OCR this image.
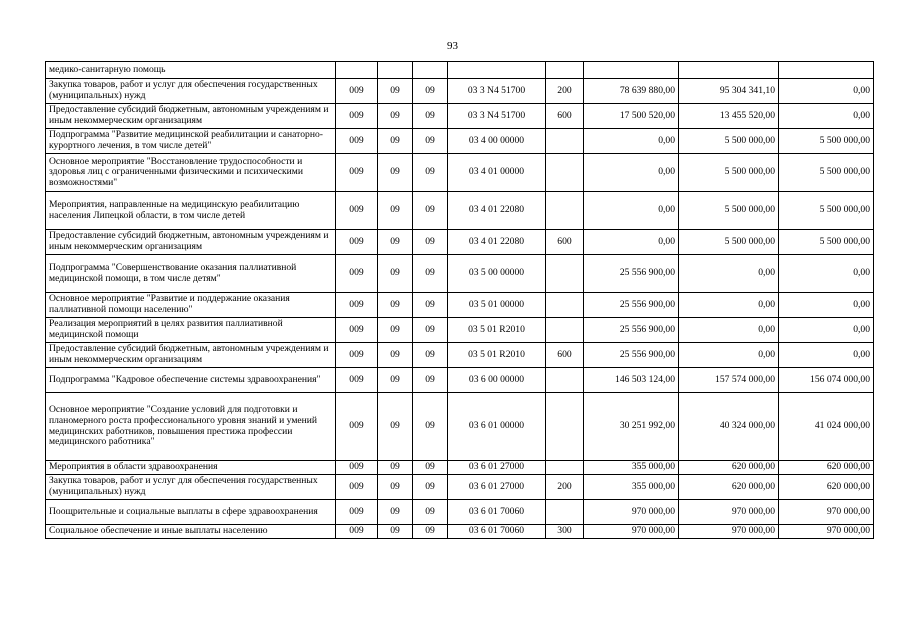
93
медико-санитарную помощь								
Закупка товаров, работ и услуг для обеспечения государственных (муниципальных) нужд	009	09	09	03 3 N4 51700	200	78 639 880,00	95 304 341,10	0,00
Предоставление субсидий бюджетным, автономным учреждениям и иным некоммерческим организациям	009	09	09	03 3 N4 51700	600	17 500 520,00	13 455 520,00	0,00
Подпрограмма "Развитие медицинской реабилитации и санаторно-курортного лечения, в том числе детей"	009	09	09	03 4 00 00000		0,00	5 500 000,00	5 500 000,00
Основное мероприятие "Восстановление трудоспособности и здоровья лиц с ограниченными физическими и психическими возможностями"	009	09	09	03 4 01 00000		0,00	5 500 000,00	5 500 000,00
Мероприятия, направленные на медицинскую реабилитацию населения Липецкой области, в том числе детей	009	09	09	03 4 01 22080		0,00	5 500 000,00	5 500 000,00
Предоставление субсидий бюджетным, автономным учреждениям и иным некоммерческим организациям	009	09	09	03 4 01 22080	600	0,00	5 500 000,00	5 500 000,00
Подпрограмма "Совершенствование оказания паллиативной медицинской помощи, в том числе детям"	009	09	09	03 5 00 00000		25 556 900,00	0,00	0,00
Основное мероприятие "Развитие и поддержание оказания паллиативной помощи населению"	009	09	09	03 5 01 00000		25 556 900,00	0,00	0,00
Реализация мероприятий в целях развития паллиативной медицинской помощи	009	09	09	03 5 01 R2010		25 556 900,00	0,00	0,00
Предоставление субсидий бюджетным, автономным учреждениям и иным некоммерческим организациям	009	09	09	03 5 01 R2010	600	25 556 900,00	0,00	0,00
Подпрограмма "Кадровое обеспечение системы здравоохранения"	009	09	09	03 6 00 00000		146 503 124,00	157 574 000,00	156 074 000,00
Основное мероприятие "Создание условий для подготовки и планомерного роста профессионального уровня знаний и умений медицинских работников, повышения престижа профессии медицинского работника"	009	09	09	03 6 01 00000		30 251 992,00	40 324 000,00	41 024 000,00
Мероприятия в области здравоохранения	009	09	09	03 6 01 27000		355 000,00	620 000,00	620 000,00
Закупка товаров, работ и услуг для обеспечения государственных (муниципальных) нужд	009	09	09	03 6 01 27000	200	355 000,00	620 000,00	620 000,00
Поощрительные и социальные выплаты в сфере здравоохранения	009	09	09	03 6 01 70060		970 000,00	970 000,00	970 000,00
Социальное обеспечение и иные выплаты населению	009	09	09	03 6 01 70060	300	970 000,00	970 000,00	970 000,00
